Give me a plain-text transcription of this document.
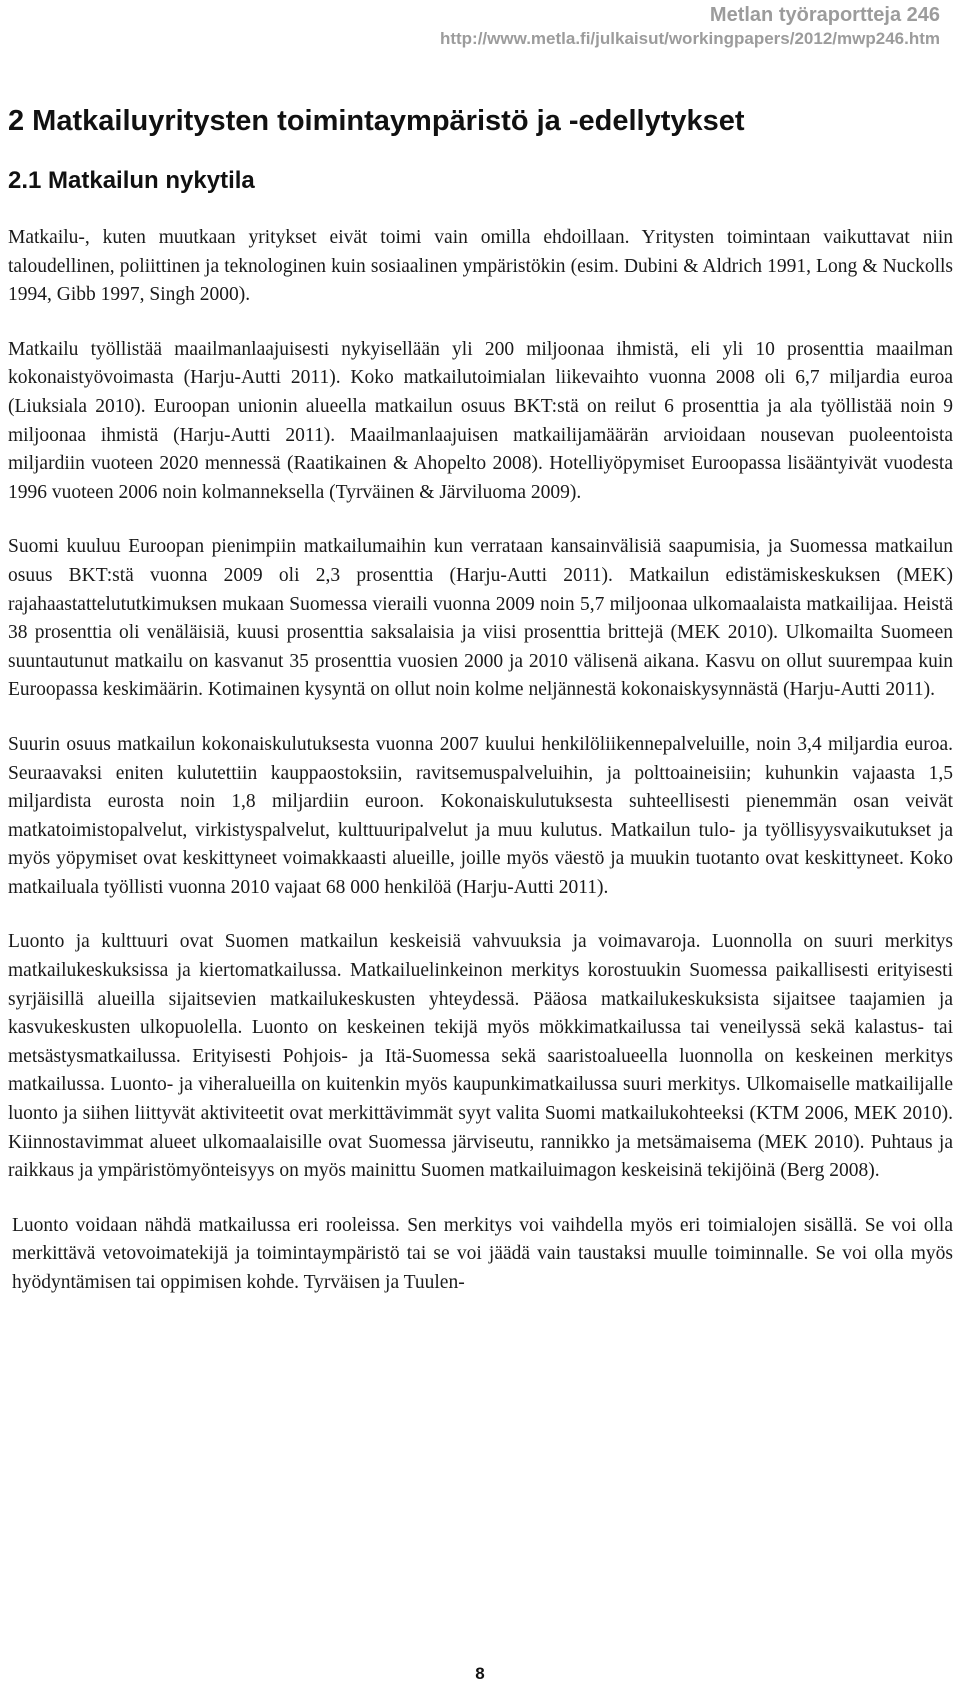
Metlan työraportteja 246
http://www.metla.fi/julkaisut/workingpapers/2012/mwp246.htm
2 Matkailuyritysten toimintaympäristö ja -edellytykset
2.1 Matkailun nykytila

Matkailu-, kuten muutkaan yritykset eivät toimi vain omilla ehdoillaan. Yritysten toimintaan vaikuttavat niin taloudellinen, poliittinen ja teknologinen kuin sosiaalinen ympäristökin (esim. Dubini & Aldrich 1991, Long & Nuckolls 1994, Gibb 1997, Singh 2000).

Matkailu työllistää maailmanlaajuisesti nykyisellään yli 200 miljoonaa ihmistä, eli yli 10 prosenttia maailman kokonaistyövoimasta (Harju-Autti 2011). Koko matkailutoimialan liikevaihto vuonna 2008 oli 6,7 miljardia euroa (Liuksiala 2010). Euroopan unionin alueella matkailun osuus BKT:stä on reilut 6 prosenttia ja ala työllistää noin 9 miljoonaa ihmistä (Harju-Autti 2011). Maailmanlaajuisen matkailijamäärän arvioidaan nousevan puoleentoista miljardiin vuoteen 2020 mennessä (Raatikainen & Ahopelto 2008). Hotelliyöpymiset Euroopassa lisääntyivät vuodesta 1996 vuoteen 2006 noin kolmanneksella (Tyrväinen & Järviluoma 2009).

Suomi kuuluu Euroopan pienimpiin matkailumaihin kun verrataan kansainvälisiä saapumisia, ja Suomessa matkailun osuus BKT:stä vuonna 2009 oli 2,3 prosenttia (Harju-Autti 2011). Matkailun edistämiskeskuksen (MEK) rajahaastattelututkimuksen mukaan Suomessa vieraili vuonna 2009 noin 5,7 miljoonaa ulkomaalaista matkailijaa. Heistä 38 prosenttia oli venäläisiä, kuusi prosenttia saksalaisia ja viisi prosenttia brittejä (MEK 2010). Ulkomailta Suomeen suuntautunut matkailu on kasvanut 35 prosenttia vuosien 2000 ja 2010 välisenä aikana. Kasvu on ollut suurempaa kuin Euroopassa keskimäärin. Kotimainen kysyntä on ollut noin kolme neljännestä kokonaiskysynnästä (Harju-Autti 2011).

Suurin osuus matkailun kokonaiskulutuksesta vuonna 2007 kuului henkilöliikennepalveluille, noin 3,4 miljardia euroa. Seuraavaksi eniten kulutettiin kauppaostoksiin, ravitsemuspalveluihin, ja polttoaineisiin; kuhunkin vajaasta 1,5 miljardista eurosta noin 1,8 miljardiin euroon. Kokonaiskulutuksesta suhteellisesti pienemmän osan veivät matkatoimistopalvelut, virkistyspalvelut, kulttuuripalvelut ja muu kulutus. Matkailun tulo- ja työllisyysvaikutukset ja myös yöpymiset ovat keskittyneet voimakkaasti alueille, joille myös väestö ja muukin tuotanto ovat keskittyneet. Koko matkailuala työllisti vuonna 2010 vajaat 68 000 henkilöä (Harju-Autti 2011).

Luonto ja kulttuuri ovat Suomen matkailun keskeisiä vahvuuksia ja voimavaroja. Luonnolla on suuri merkitys matkailukeskuksissa ja kiertomatkailussa. Matkailuelinkeinon merkitys korostuukin Suomessa paikallisesti erityisesti syrjäisillä alueilla sijaitsevien matkailukeskusten yhteydessä. Pääosa matkailukeskuksista sijaitsee taajamien ja kasvukeskusten ulkopuolella. Luonto on keskeinen tekijä myös mökkimatkailussa tai veneilyssä sekä kalastus- tai metsästysmatkailussa. Erityisesti Pohjois- ja Itä-Suomessa sekä saaristoalueella luonnolla on keskeinen merkitys matkailussa. Luonto- ja viheralueilla on kuitenkin myös kaupunkimatkailussa suuri merkitys. Ulkomaiselle matkailijalle luonto ja siihen liittyvät aktiviteetit ovat merkittävimmät syyt valita Suomi matkailukohteeksi (KTM 2006, MEK 2010). Kiinnostavimmat alueet ulkomaalaisille ovat Suomessa järviseutu, rannikko ja metsämaisema (MEK 2010). Puhtaus ja raikkaus ja ympäristömyönteisyys on myös mainittu Suomen matkailuimagon keskeisinä tekijöinä (Berg 2008).

Luonto voidaan nähdä matkailussa eri rooleissa. Sen merkitys voi vaihdella myös eri toimialojen sisällä. Se voi olla merkittävä vetovoimatekijä ja toimintaympäristö tai se voi jäädä vain taustaksi muulle toiminnalle. Se voi olla myös hyödyntämisen tai oppimisen kohde. Tyrväisen ja Tuulen-

8
